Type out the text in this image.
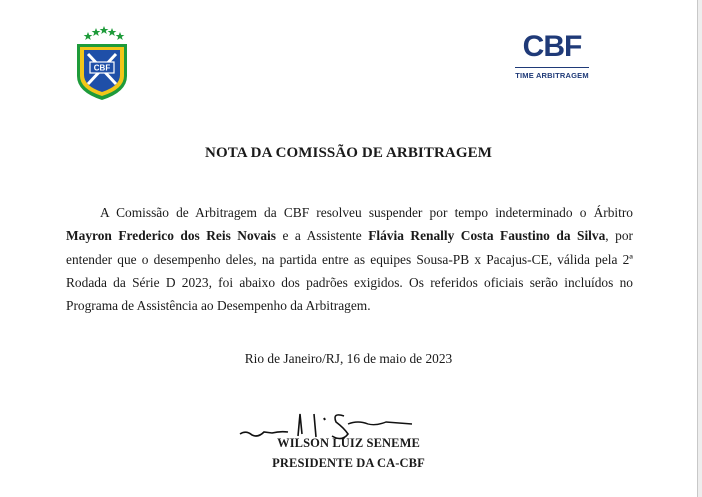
CBF
CBF
TIME ARBITRAGEM
NOTA DA COMISSÃO DE ARBITRAGEM

A Comissão de Arbitragem da CBF resolveu suspender por tempo indeterminado o Árbitro Mayron Frederico dos Reis Novais e a Assistente Flávia Renally Costa Faustino da Silva, por entender que o desempenho deles, na partida entre as equipes Sousa-PB x Pacajus-CE, válida pela 2ª Rodada da Série D 2023, foi abaixo dos padrões exigidos. Os referidos oficiais serão incluídos no Programa de Assistência ao Desempenho da Arbitragem.

Rio de Janeiro/RJ, 16 de maio de 2023
WILSON LUIZ SENEME
PRESIDENTE DA CA-CBF
